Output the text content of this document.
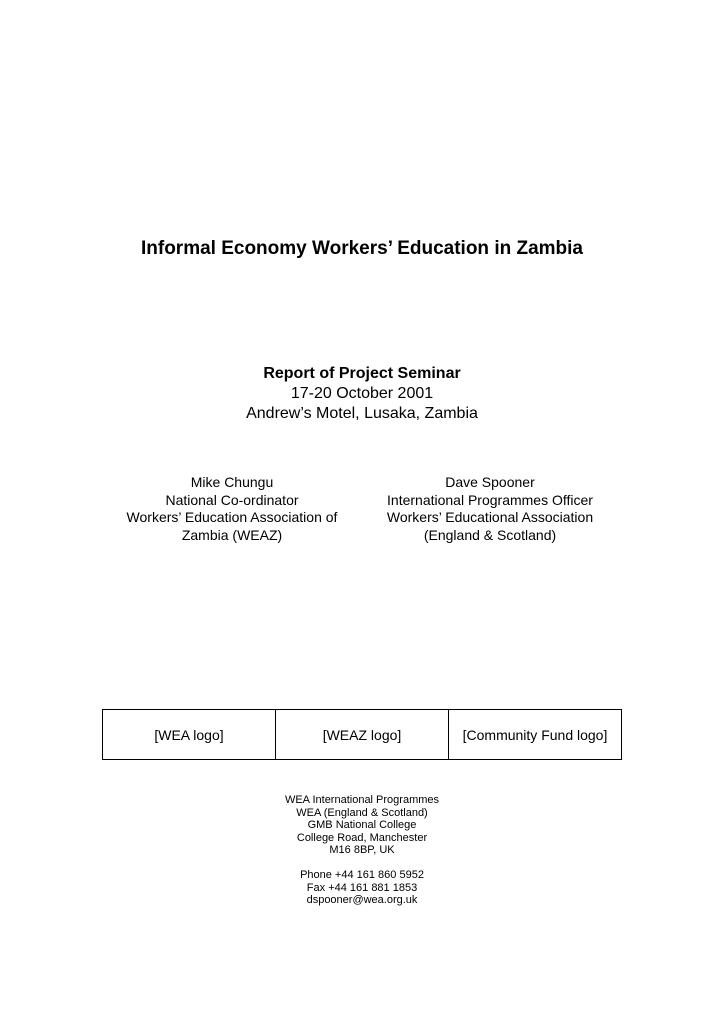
Informal Economy Workers’ Education in Zambia
Report of Project Seminar
17-20 October 2001
Andrew’s Motel, Lusaka, Zambia
Mike Chungu
National Co-ordinator
Workers’ Education Association of
Zambia (WEAZ)
Dave Spooner
International Programmes Officer
Workers’ Educational Association
(England & Scotland)
[WEA logo]	[WEAZ logo]	[Community Fund logo]
WEA International Programmes
WEA (England & Scotland)
GMB National College
College Road, Manchester
M16 8BP, UK
Phone +44 161 860 5952
Fax +44 161 881 1853
dspooner@wea.org.uk
